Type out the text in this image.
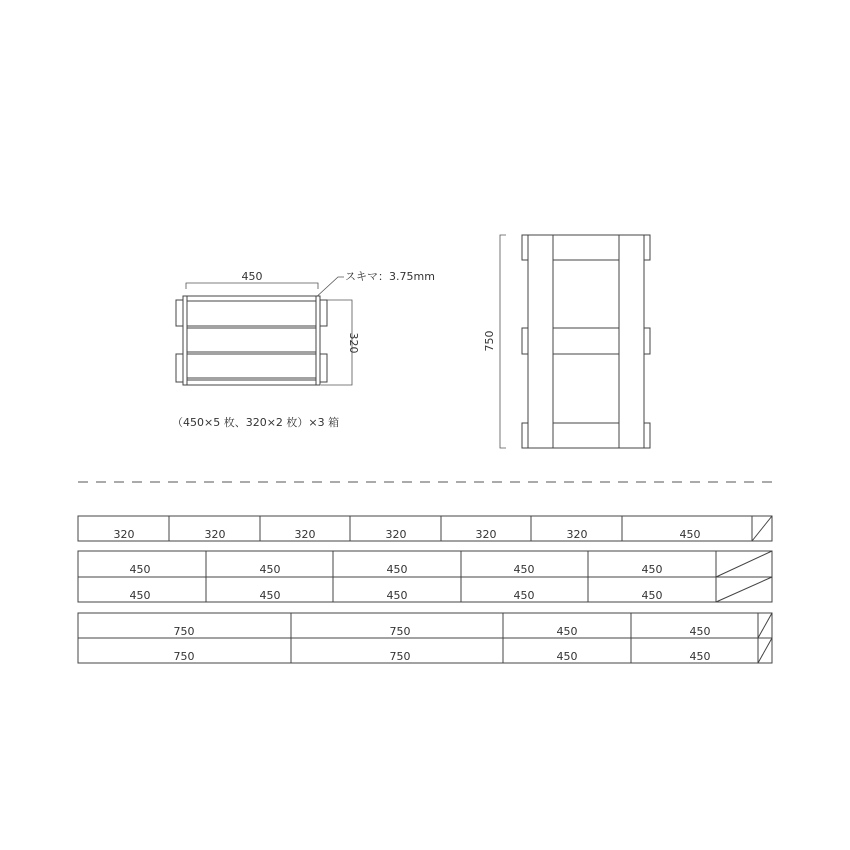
450	スキマ：3.75mm
320
（450×5 枚、320×2 枚）×3 箱
750
320	320	320	320	320	320	450
450	450	450	450	450
450	450	450	450	450
750	750	450	450
750	750	450	450
